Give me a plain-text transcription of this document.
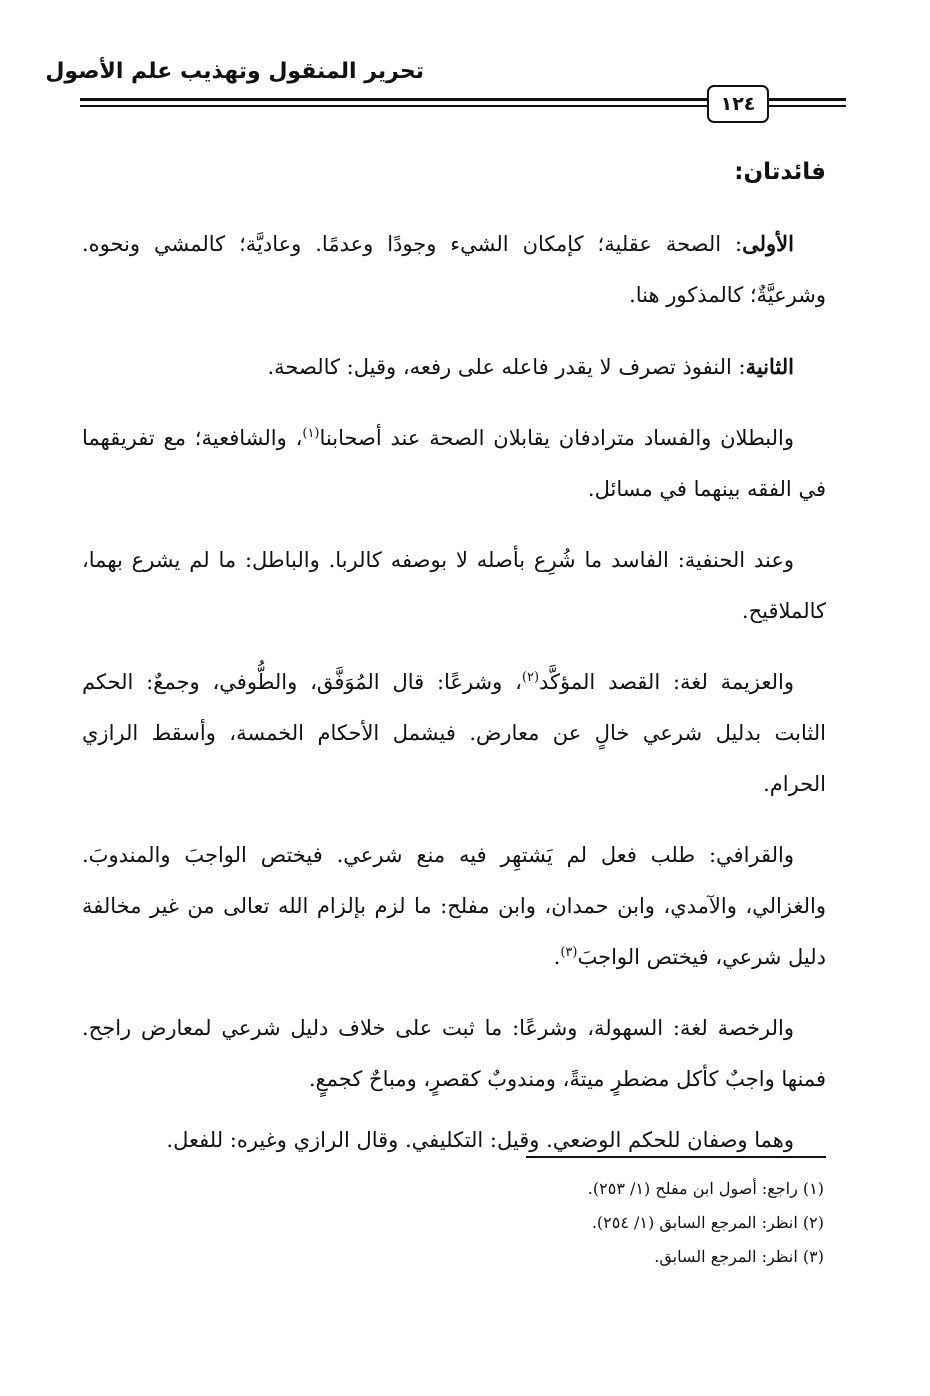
تحرير المنقول وتهذيب علم الأصول
١٢٤
فائدتان:

الأولى: الصحة عقلية؛ كإمكان الشيء وجودًا وعدمًا. وعاديَّة؛ كالمشي ونحوه. وشرعيَّةٌ؛ كالمذكور هنا.

الثانية: النفوذ تصرف لا يقدر فاعله على رفعه، وقيل: كالصحة.

والبطلان والفساد مترادفان يقابلان الصحة عند أصحابنا$^{(١)}$، والشافعية؛ مع تفريقهما في الفقه بينهما في مسائل.

وعند الحنفية: الفاسد ما شُرِع بأصله لا بوصفه كالربا. والباطل: ما لم يشرع بهما، كالملاقيح.

والعزيمة لغة: القصد المؤكَّد$^{(٢)}$، وشرعًا: قال المُوَفَّق، والطُّوفي، وجمعٌ: الحكم الثابت بدليل شرعي خالٍ عن معارض. فيشمل الأحكام الخمسة، وأسقط الرازي الحرام.

والقرافي: طلب فعل لم يَشتهِر فيه منع شرعي. فيختص الواجبَ والمندوبَ. والغزالي، والآمدي، وابن حمدان، وابن مفلح: ما لزم بإلزام الله تعالى من غير مخالفة دليل شرعي، فيختص الواجبَ$^{(٣)}$.

والرخصة لغة: السهولة، وشرعًا: ما ثبت على خلاف دليل شرعي لمعارض راجح. فمنها واجبٌ كأكل مضطرٍ ميتةً، ومندوبٌ كقصرٍ، ومباحٌ كجمعٍ.

وهما وصفان للحكم الوضعي. وقيل: التكليفي. وقال الرازي وغيره: للفعل.

(١) راجع: أصول ابن مفلح (١/ ٢٥٣).
(٢) انظر: المرجع السابق (١/ ٢٥٤).
(٣) انظر: المرجع السابق.
